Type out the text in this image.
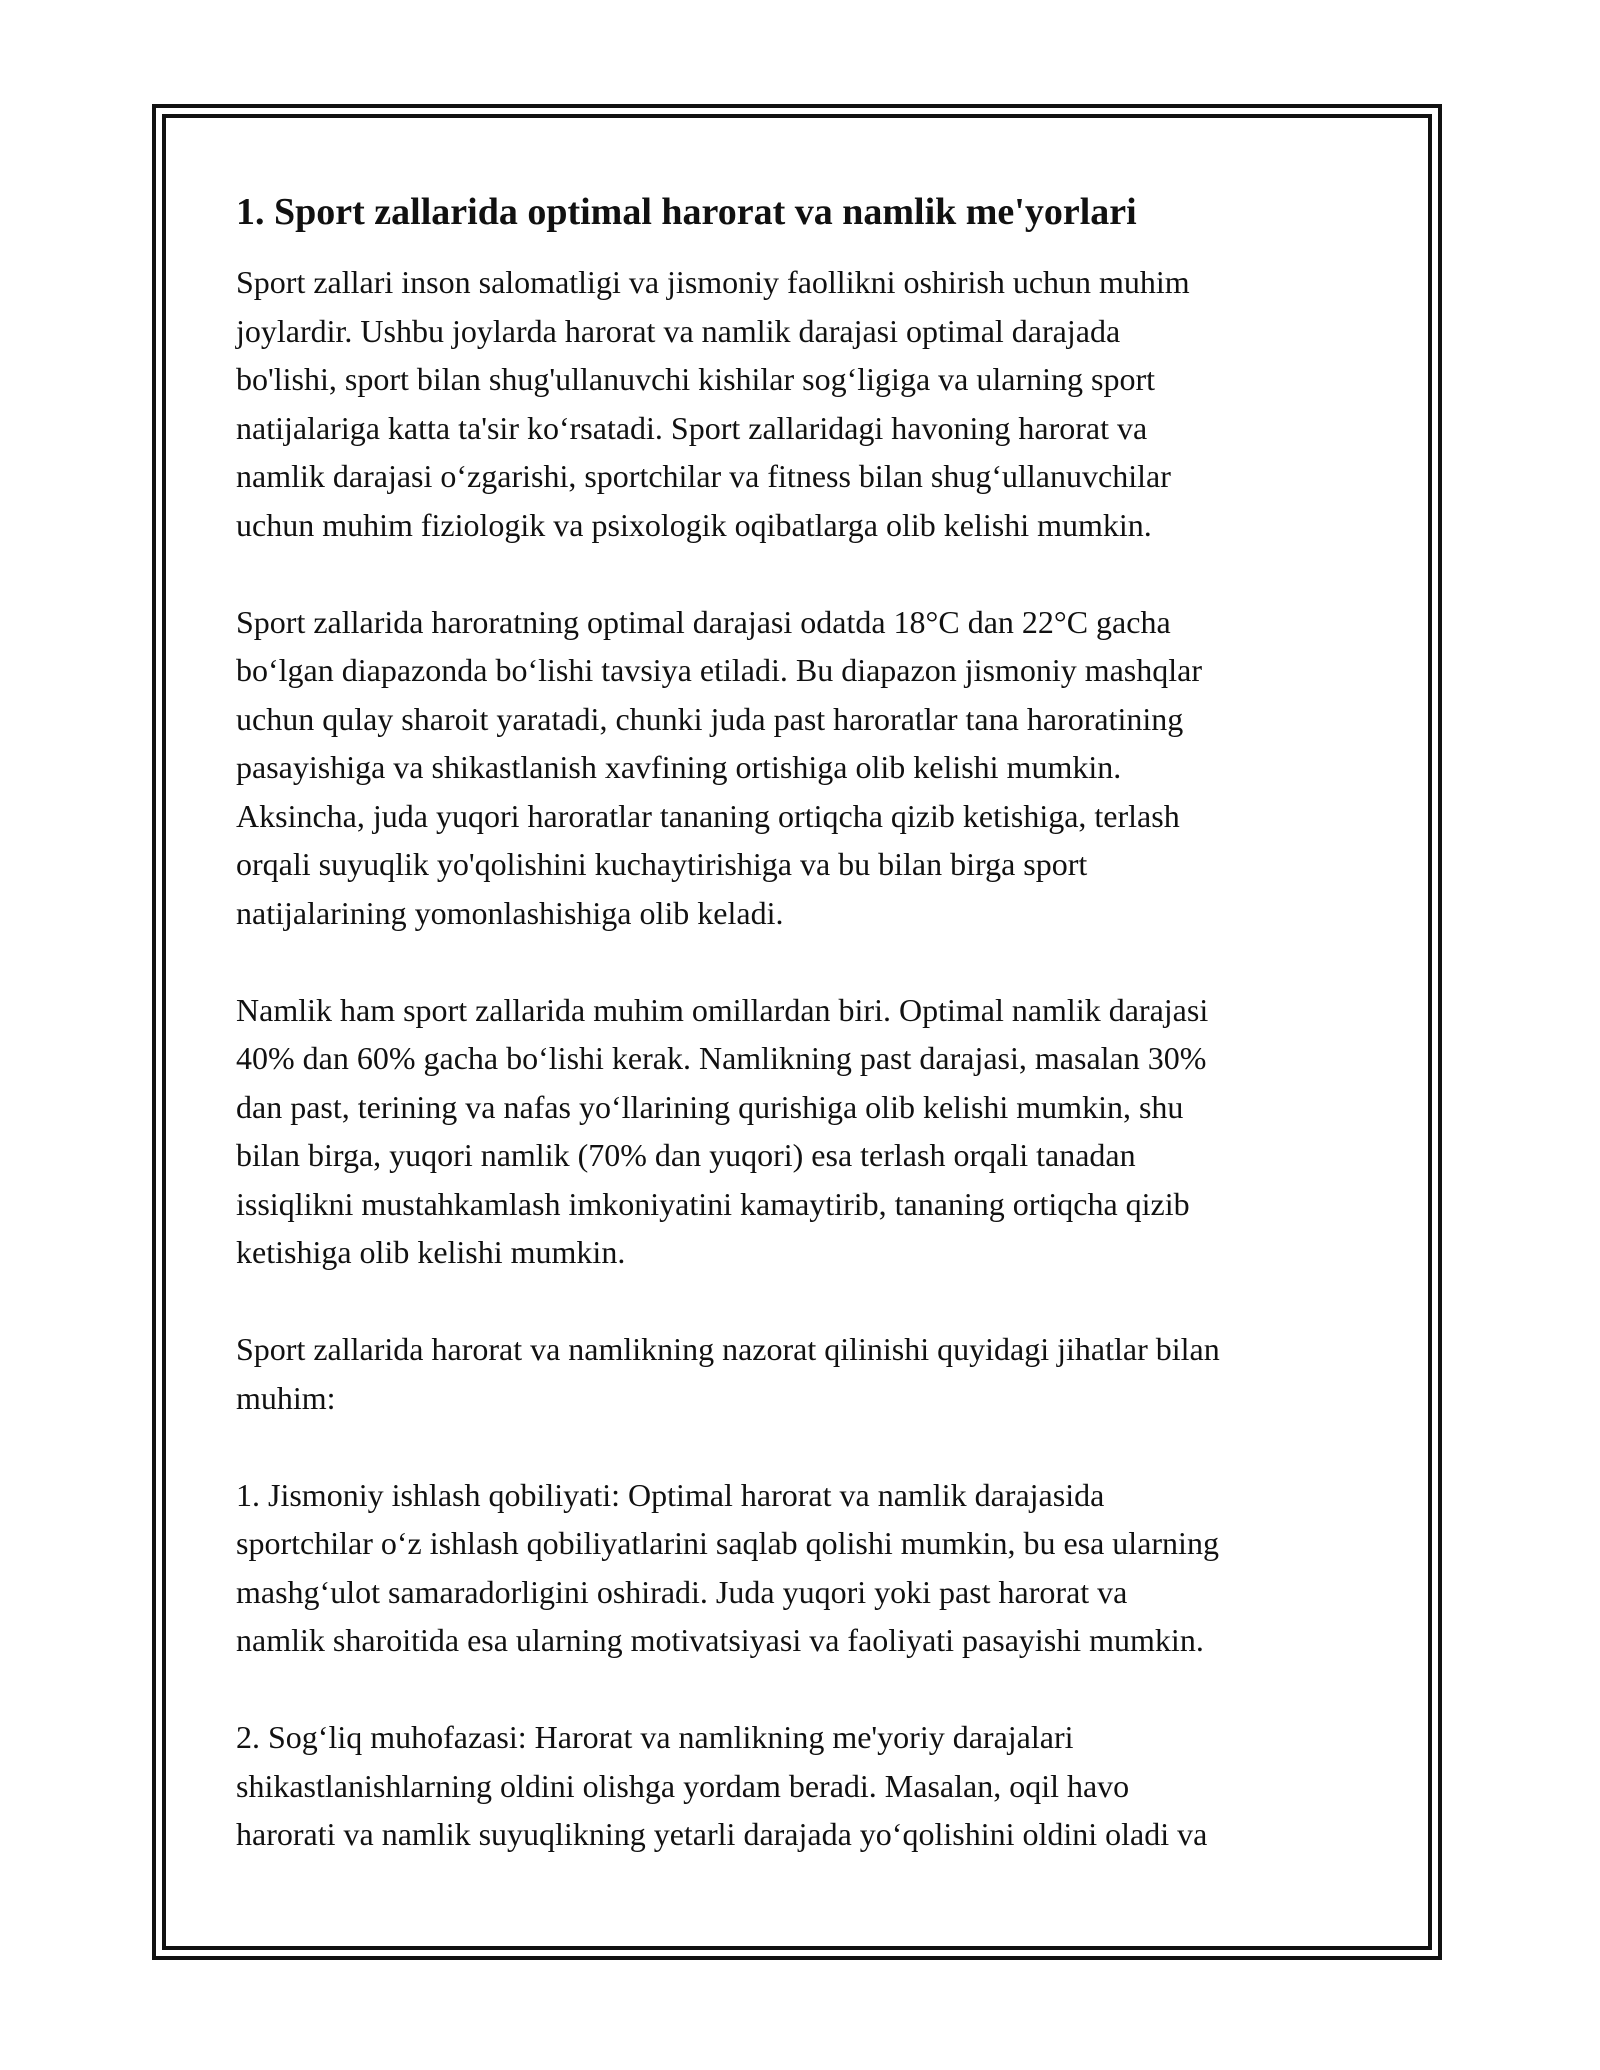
1. Sport zallarida optimal harorat va namlik me'yorlari

Sport zallari inson salomatligi va jismoniy faollikni oshirish uchun muhim
joylardir. Ushbu joylarda harorat va namlik darajasi optimal darajada
bo'lishi, sport bilan shug'ullanuvchi kishilar sog‘ligiga va ularning sport
natijalariga katta ta'sir ko‘rsatadi. Sport zallaridagi havoning harorat va
namlik darajasi o‘zgarishi, sportchilar va fitness bilan shug‘ullanuvchilar
uchun muhim fiziologik va psixologik oqibatlarga olib kelishi mumkin.

Sport zallarida haroratning optimal darajasi odatda 18°C dan 22°C gacha
bo‘lgan diapazonda bo‘lishi tavsiya etiladi. Bu diapazon jismoniy mashqlar
uchun qulay sharoit yaratadi, chunki juda past haroratlar tana haroratining
pasayishiga va shikastlanish xavfining ortishiga olib kelishi mumkin.
Aksincha, juda yuqori haroratlar tananing ortiqcha qizib ketishiga, terlash
orqali suyuqlik yo'qolishini kuchaytirishiga va bu bilan birga sport
natijalarining yomonlashishiga olib keladi.

Namlik ham sport zallarida muhim omillardan biri. Optimal namlik darajasi
40% dan 60% gacha bo‘lishi kerak. Namlikning past darajasi, masalan 30%
dan past, terining va nafas yo‘llarining qurishiga olib kelishi mumkin, shu
bilan birga, yuqori namlik (70% dan yuqori) esa terlash orqali tanadan
issiqlikni mustahkamlash imkoniyatini kamaytirib, tananing ortiqcha qizib
ketishiga olib kelishi mumkin.

Sport zallarida harorat va namlikning nazorat qilinishi quyidagi jihatlar bilan
muhim:

1. Jismoniy ishlash qobiliyati: Optimal harorat va namlik darajasida
sportchilar o‘z ishlash qobiliyatlarini saqlab qolishi mumkin, bu esa ularning
mashg‘ulot samaradorligini oshiradi. Juda yuqori yoki past harorat va
namlik sharoitida esa ularning motivatsiyasi va faoliyati pasayishi mumkin.

2. Sog‘liq muhofazasi: Harorat va namlikning me'yoriy darajalari
shikastlanishlarning oldini olishga yordam beradi. Masalan, oqil havo
harorati va namlik suyuqlikning yetarli darajada yo‘qolishini oldini oladi va
